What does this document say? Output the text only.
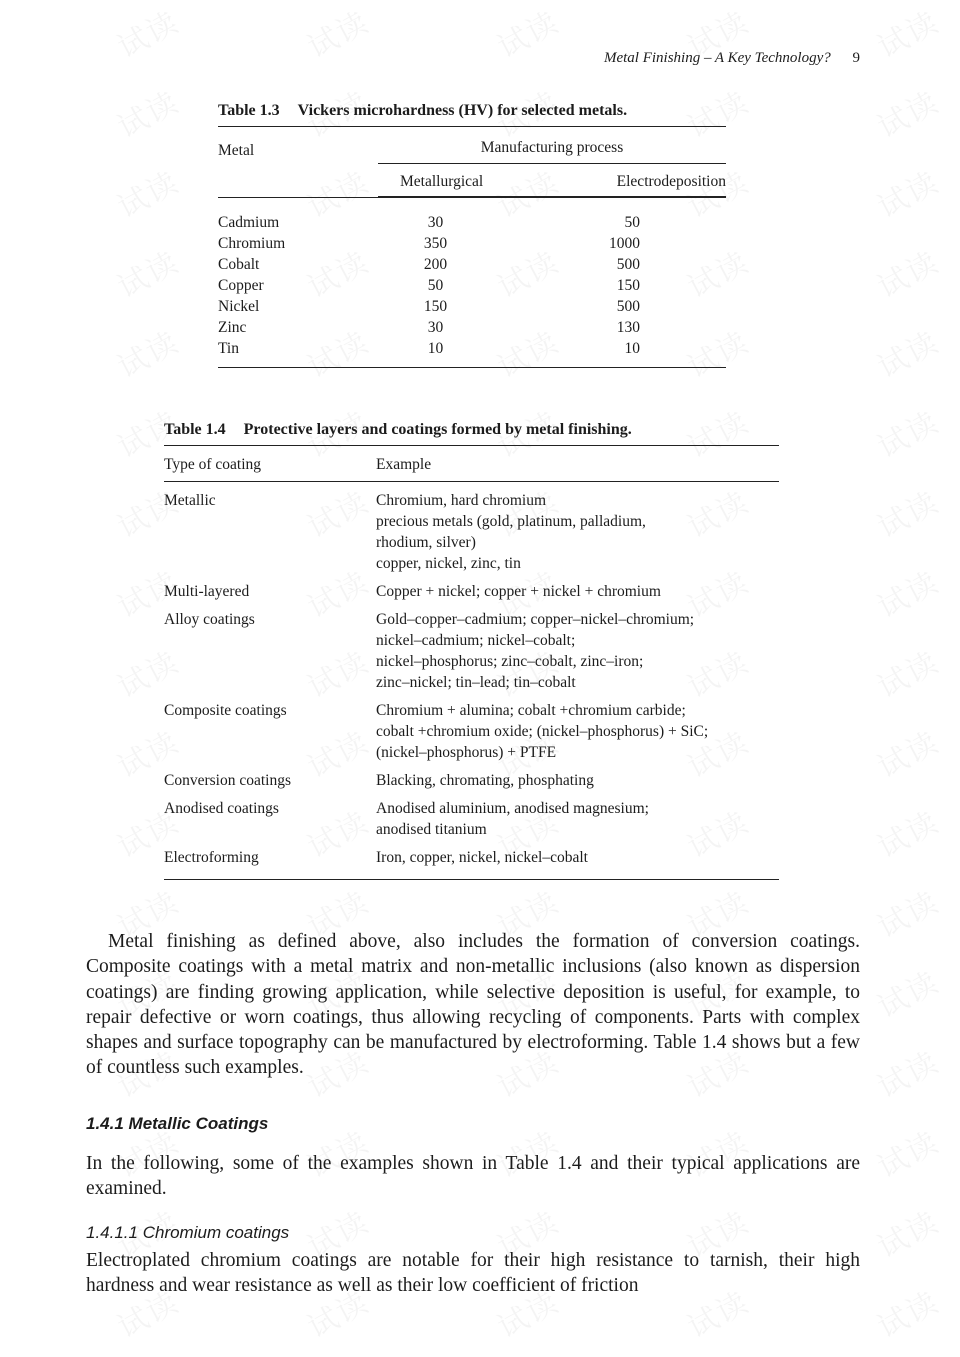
Metal Finishing – A Key Technology? 9
Table 1.3 Vickers microhardness (HV) for selected metals.
Metal	Manufacturing process	
	Metallurgical	Electrodeposition

Cadmium	30	50
Chromium	350	1000
Cobalt	200	500
Copper	50	150
Nickel	150	500
Zinc	30	130
Tin	10	10
Table 1.4 Protective layers and coatings formed by metal finishing.
Type of coating	Example
Metallic	Chromium, hard chromium
precious metals (gold, platinum, palladium,
rhodium, silver)
copper, nickel, zinc, tin
Multi-layered	Copper + nickel; copper + nickel + chromium
Alloy coatings	Gold–copper–cadmium; copper–nickel–chromium;
nickel–cadmium; nickel–cobalt;
nickel–phosphorus; zinc–cobalt, zinc–iron;
zinc–nickel; tin–lead; tin–cobalt
Composite coatings	Chromium + alumina; cobalt +chromium carbide;
cobalt +chromium oxide; (nickel–phosphorus) + SiC;
(nickel–phosphorus) + PTFE
Conversion coatings	Blacking, chromating, phosphating
Anodised coatings	Anodised aluminium, anodised magnesium;
anodised titanium
Electroforming	Iron, copper, nickel, nickel–cobalt

Metal finishing as defined above, also includes the formation of conversion coatings. Composite coatings with a metal matrix and non-metallic inclusions (also known as dispersion coatings) are finding growing application, while selective deposition is useful, for example, to repair defective or worn coatings, thus allowing recycling of components. Parts with complex shapes and surface topography can be manufactured by electroforming. Table 1.4 shows but a few of countless such examples.

1.4.1 Metallic Coatings

In the following, some of the examples shown in Table 1.4 and their typical applications are examined.

1.4.1.1 Chromium coatings

Electroplated chromium coatings are notable for their high resistance to tarnish, their high hardness and wear resistance as well as their low coefficient of friction
